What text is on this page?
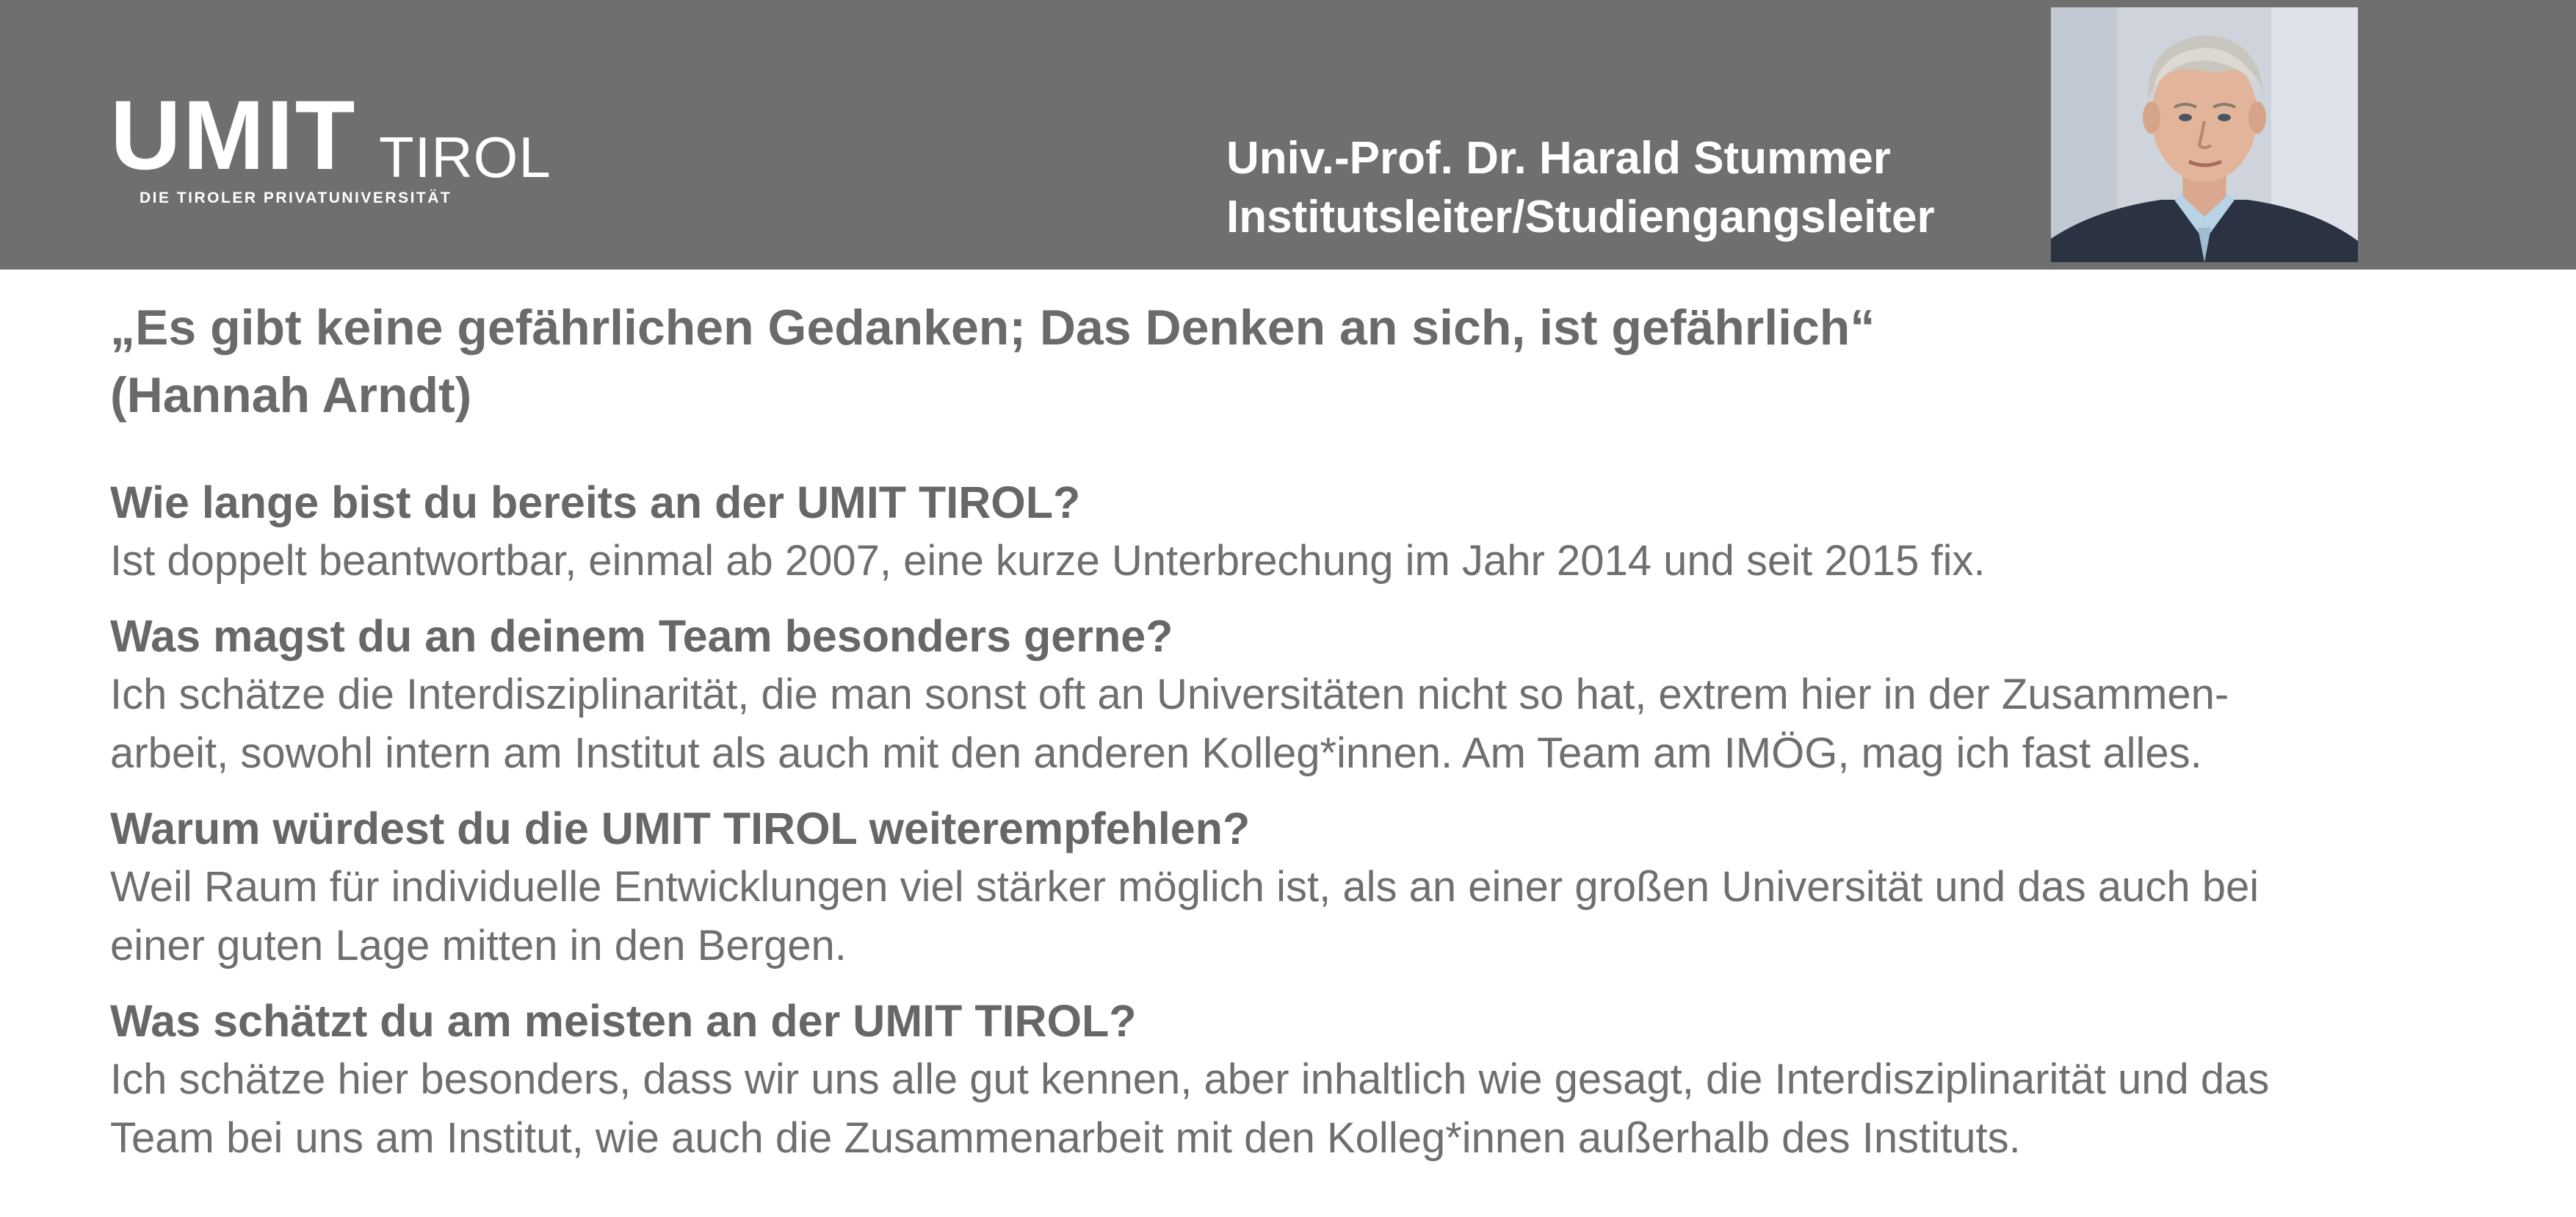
UMIT TIROL
DIE TIROLER PRIVATUNIVERSITÄT
Univ.-Prof. Dr. Harald Stummer
Institutsleiter/Studiengangsleiter
„Es gibt keine gefährlichen Gedanken; Das Denken an sich, ist gefährlich“
(Hannah Arndt)
Wie lange bist du bereits an der UMIT TIROL?
Ist doppelt beantwortbar, einmal ab 2007, eine kurze Unterbrechung im Jahr 2014 und seit 2015 fix.
Was magst du an deinem Team besonders gerne?
Ich schätze die Interdisziplinarität, die man sonst oft an Universitäten nicht so hat, extrem hier in der Zusammen-
arbeit, sowohl intern am Institut als auch mit den anderen Kolleg*innen. Am Team am IMÖG, mag ich fast alles.
Warum würdest du die UMIT TIROL weiterempfehlen?
Weil Raum für individuelle Entwicklungen viel stärker möglich ist, als an einer großen Universität und das auch bei
einer guten Lage mitten in den Bergen.
Was schätzt du am meisten an der UMIT TIROL?
Ich schätze hier besonders, dass wir uns alle gut kennen, aber inhaltlich wie gesagt, die Interdisziplinarität und das
Team bei uns am Institut, wie auch die Zusammenarbeit mit den Kolleg*innen außerhalb des Instituts.
